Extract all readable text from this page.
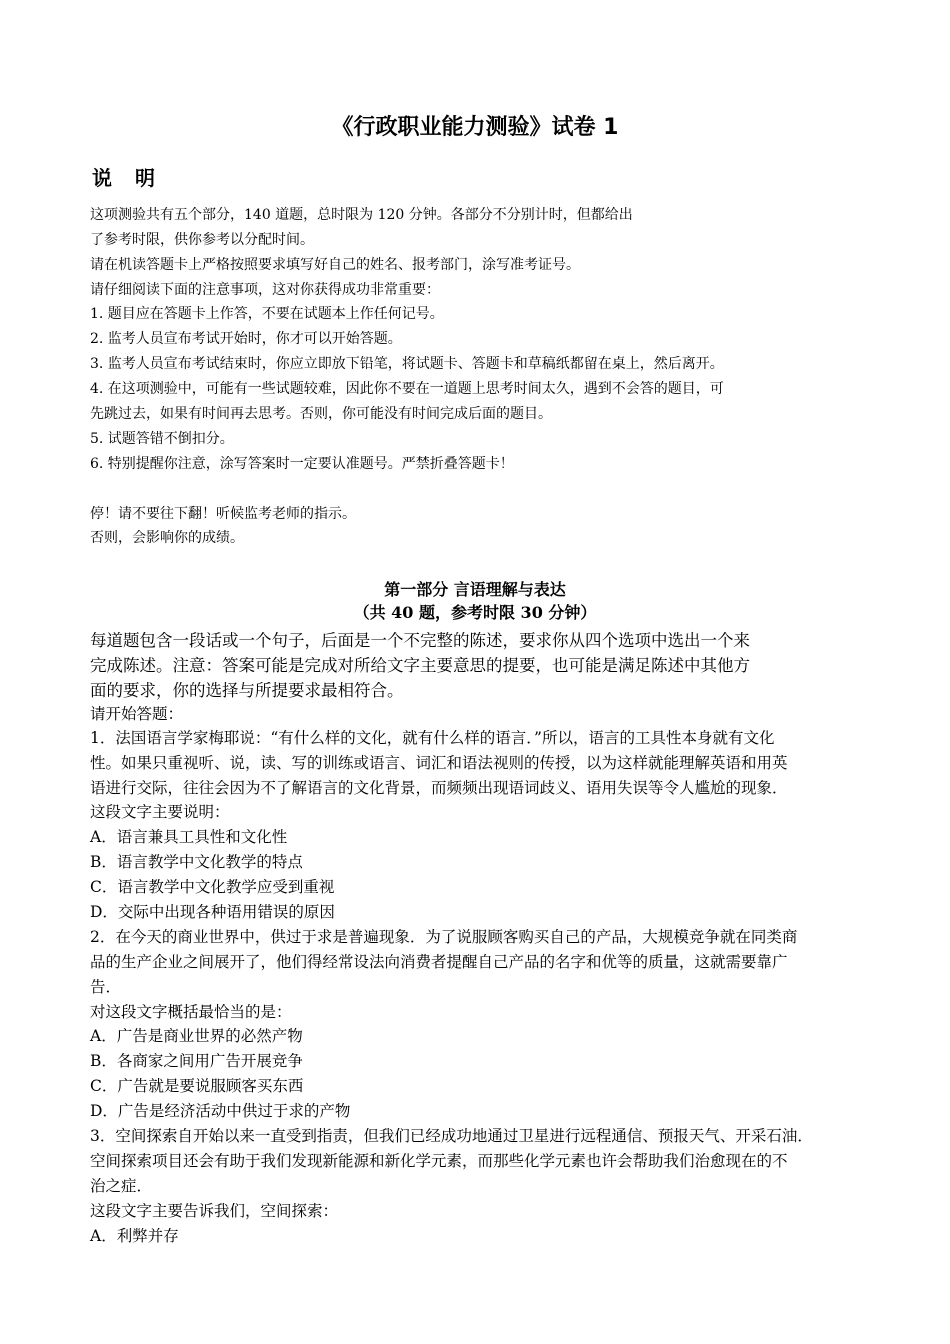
《行政职业能力测验》试卷 1
说 明
这项测验共有五个部分，140 道题，总时限为 120 分钟。各部分不分别计时，但都给出
了参考时限，供你参考以分配时间。
请在机读答题卡上严格按照要求填写好自己的姓名、报考部门，涂写准考证号。
请仔细阅读下面的注意事项，这对你获得成功非常重要：
1. 题目应在答题卡上作答，不要在试题本上作任何记号。
2. 监考人员宣布考试开始时，你才可以开始答题。
3. 监考人员宣布考试结束时，你应立即放下铅笔，将试题卡、答题卡和草稿纸都留在桌上，然后离开。
4. 在这项测验中，可能有一些试题较难，因此你不要在一道题上思考时间太久，遇到不会答的题目，可
先跳过去，如果有时间再去思考。否则，你可能没有时间完成后面的题目。
5. 试题答错不倒扣分。
6. 特别提醒你注意，涂写答案时一定要认准题号。严禁折叠答题卡！
停！请不要往下翻！听候监考老师的指示。
否则，会影响你的成绩。
第一部分 言语理解与表达
（共 40 题，参考时限 30 分钟）
每道题包含一段话或一个句子，后面是一个不完整的陈述，要求你从四个选项中选出一个来
完成陈述。注意：答案可能是完成对所给文字主要意思的提要，也可能是满足陈述中其他方
面的要求，你的选择与所提要求最相符合。
请开始答题：
1．法国语言学家梅耶说：“有什么样的文化，就有什么样的语言．”所以，语言的工具性本身就有文化
性。如果只重视听、说，读、写的训练或语言、词汇和语法视则的传授，以为这样就能理解英语和用英
语进行交际，往往会因为不了解语言的文化背景，而频频出现语词歧义、语用失误等令人尴尬的现象．
这段文字主要说明：
A．语言兼具工具性和文化性
B．语言教学中文化教学的特点
C．语言教学中文化教学应受到重视
D．交际中出现各种语用错误的原因
2．在今天的商业世界中，供过于求是普遍现象．为了说服顾客购买自己的产品，大规模竞争就在同类商
品的生产企业之间展开了，他们得经常设法向消费者提醒自己产品的名字和优等的质量，这就需要靠广
告．
对这段文字概括最恰当的是：
A．广告是商业世界的必然产物
B．各商家之间用广告开展竞争
C．广告就是要说服顾客买东西
D．广告是经济活动中供过于求的产物
3．空间探索自开始以来一直受到指责，但我们已经成功地通过卫星进行远程通信、预报天气、开采石油．
空间探索项目还会有助于我们发现新能源和新化学元素，而那些化学元素也许会帮助我们治愈现在的不
治之症．
这段文字主要告诉我们，空间探索：
A．利弊并存
